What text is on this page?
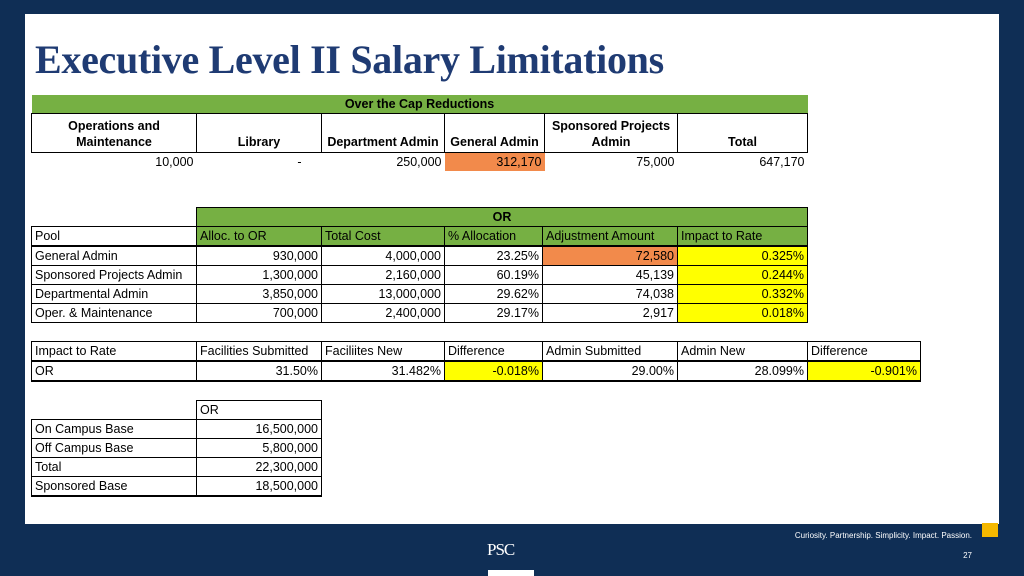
Executive Level II Salary Limitations
Over the Cap Reductions					
Operations and Maintenance	Library	Department Admin	General Admin	Sponsored Projects Admin	Total
10,000	-	250,000	312,170	75,000	647,170
	OR				
Pool	Alloc. to OR	Total Cost	% Allocation	Adjustment Amount	Impact to Rate
General Admin	930,000	4,000,000	23.25%	72,580	0.325%
Sponsored Projects Admin	1,300,000	2,160,000	60.19%	45,139	0.244%
Departmental Admin	3,850,000	13,000,000	29.62%	74,038	0.332%
Oper. & Maintenance	700,000	2,400,000	29.17%	2,917	0.018%
Impact to Rate	Facilities Submitted	Faciliites New	Difference	Admin Submitted	Admin New	Difference
OR	31.50%	31.482%	-0.018%	29.00%	28.099%	-0.901%
	OR
On Campus Base	16,500,000
Off Campus Base	5,800,000
Total	22,300,000
Sponsored Base	18,500,000
Curiosity. Partnership. Simplicity. Impact. Passion.
27
PSC
